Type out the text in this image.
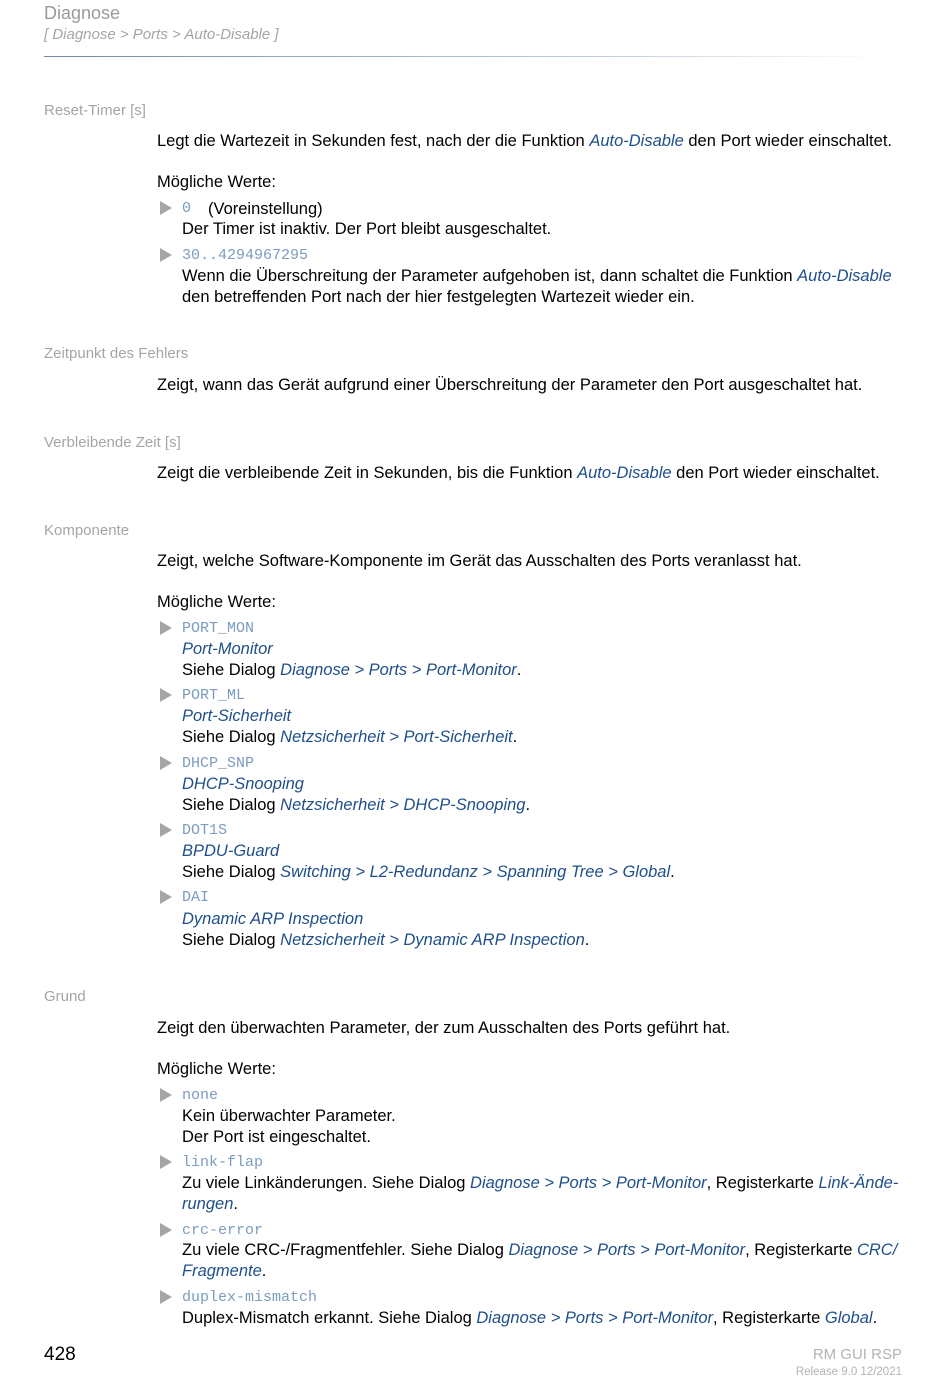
Diagnose
[ Diagnose > Ports > Auto-Disable ]
Reset-Timer [s]
Legt die Wartezeit in Sekunden fest, nach der die Funktion Auto-Disable den Port wieder einschaltet.
Mögliche Werte:
0 (Voreinstellung)
Der Timer ist inaktiv. Der Port bleibt ausgeschaltet.
30..4294967295
Wenn die Überschreitung der Parameter aufgehoben ist, dann schaltet die Funktion Auto-Disable
den betreffenden Port nach der hier festgelegten Wartezeit wieder ein.
Zeitpunkt des Fehlers
Zeigt, wann das Gerät aufgrund einer Überschreitung der Parameter den Port ausgeschaltet hat.
Verbleibende Zeit [s]
Zeigt die verbleibende Zeit in Sekunden, bis die Funktion Auto-Disable den Port wieder einschaltet.
Komponente
Zeigt, welche Software-Komponente im Gerät das Ausschalten des Ports veranlasst hat.
Mögliche Werte:
PORT_MON
Port-Monitor
Siehe Dialog Diagnose > Ports > Port-Monitor.
PORT_ML
Port-Sicherheit
Siehe Dialog Netzsicherheit > Port-Sicherheit.
DHCP_SNP
DHCP-Snooping
Siehe Dialog Netzsicherheit > DHCP-Snooping.
DOT1S
BPDU-Guard
Siehe Dialog Switching > L2-Redundanz > Spanning Tree > Global.
DAI
Dynamic ARP Inspection
Siehe Dialog Netzsicherheit > Dynamic ARP Inspection.
Grund
Zeigt den überwachten Parameter, der zum Ausschalten des Ports geführt hat.
Mögliche Werte:
none
Kein überwachter Parameter.
Der Port ist eingeschaltet.
link-flap
Zu viele Linkänderungen. Siehe Dialog Diagnose > Ports > Port-Monitor, Registerkarte Link-Ände-
rungen.
crc-error
Zu viele CRC-/Fragmentfehler. Siehe Dialog Diagnose > Ports > Port-Monitor, Registerkarte CRC/
Fragmente.
duplex-mismatch
Duplex-Mismatch erkannt. Siehe Dialog Diagnose > Ports > Port-Monitor, Registerkarte Global.
428	RM GUI RSP
Release 9.0 12/2021
